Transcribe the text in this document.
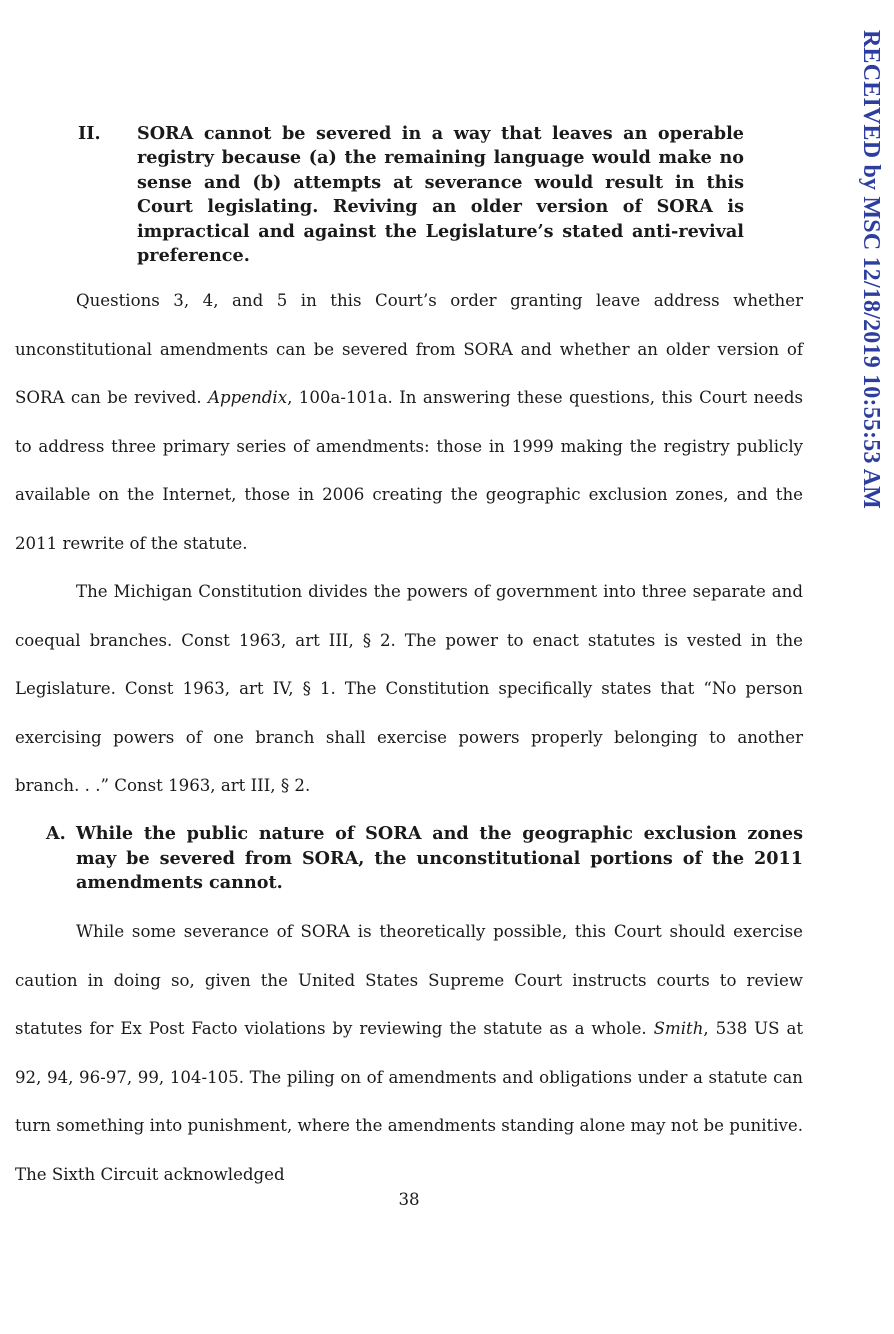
RECEIVED by MSC 12/18/2019 10:55:53 AM
II.	SORA cannot be severed in a way that leaves an operable registry because (a) the remaining language would make no sense and (b) attempts at severance would result in this Court legislating. Reviving an older version of SORA is impractical and against the Legislature’s stated anti-revival preference.

Questions 3, 4, and 5 in this Court’s order granting leave address whether unconstitutional amendments can be severed from SORA and whether an older version of SORA can be revived. Appendix, 100a-101a. In answering these questions, this Court needs to address three primary series of amendments: those in 1999 making the registry publicly available on the Internet, those in 2006 creating the geographic exclusion zones, and the 2011 rewrite of the statute.

The Michigan Constitution divides the powers of government into three separate and coequal branches. Const 1963, art III, § 2. The power to enact statutes is vested in the Legislature. Const 1963, art IV, § 1. The Constitution specifically states that “No person exercising powers of one branch shall exercise powers properly belonging to another branch. . .” Const 1963, art III, § 2.

A. While the public nature of SORA and the geographic exclusion zones may be severed from SORA, the unconstitutional portions of the 2011 amendments cannot.

While some severance of SORA is theoretically possible, this Court should exercise caution in doing so, given the United States Supreme Court instructs courts to review statutes for Ex Post Facto violations by reviewing the statute as a whole. Smith, 538 US at 92, 94, 96-97, 99, 104-105. The piling on of amendments and obligations under a statute can turn something into punishment, where the amendments standing alone may not be punitive. The Sixth Circuit acknowledged

38
